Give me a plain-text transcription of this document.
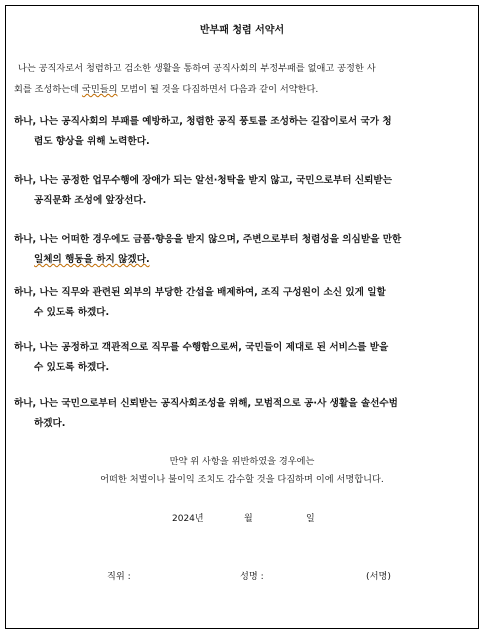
반부패 청렴 서약서
나는 공직자로서 청렴하고 검소한 생활을 통하여 공직사회의 부정부패를 없애고 공정한 사
회를 조성하는데 국민들의 모범이 될 것을 다짐하면서 다음과 같이 서약한다.
하나, 나는 공직사회의 부패를 예방하고, 청렴한 공직 풍토를 조성하는 길잡이로서 국가 청
렴도 향상을 위해 노력한다.
하나, 나는 공정한 업무수행에 장애가 되는 알선·청탁을 받지 않고, 국민으로부터 신뢰받는
공직문화 조성에 앞장선다.
하나, 나는 어떠한 경우에도 금품·향응을 받지 않으며, 주변으로부터 청렴성을 의심받을 만한
일체의 행동을 하지 않겠다.
하나, 나는 직무와 관련된 외부의 부당한 간섭을 배제하여, 조직 구성원이 소신 있게 일할
수 있도록 하겠다.
하나, 나는 공정하고 객관적으로 직무를 수행함으로써, 국민들이 제대로 된 서비스를 받을
수 있도록 하겠다.
하나, 나는 국민으로부터 신뢰받는 공직사회조성을 위해, 모범적으로 공·사 생활을 솔선수범
하겠다.
만약 위 사항을 위반하였을 경우에는
어떠한 처벌이나 불이익 조치도 감수할 것을 다짐하며 이에 서명합니다.
2024년	월	일
직위 :	성명 :	(서명)
